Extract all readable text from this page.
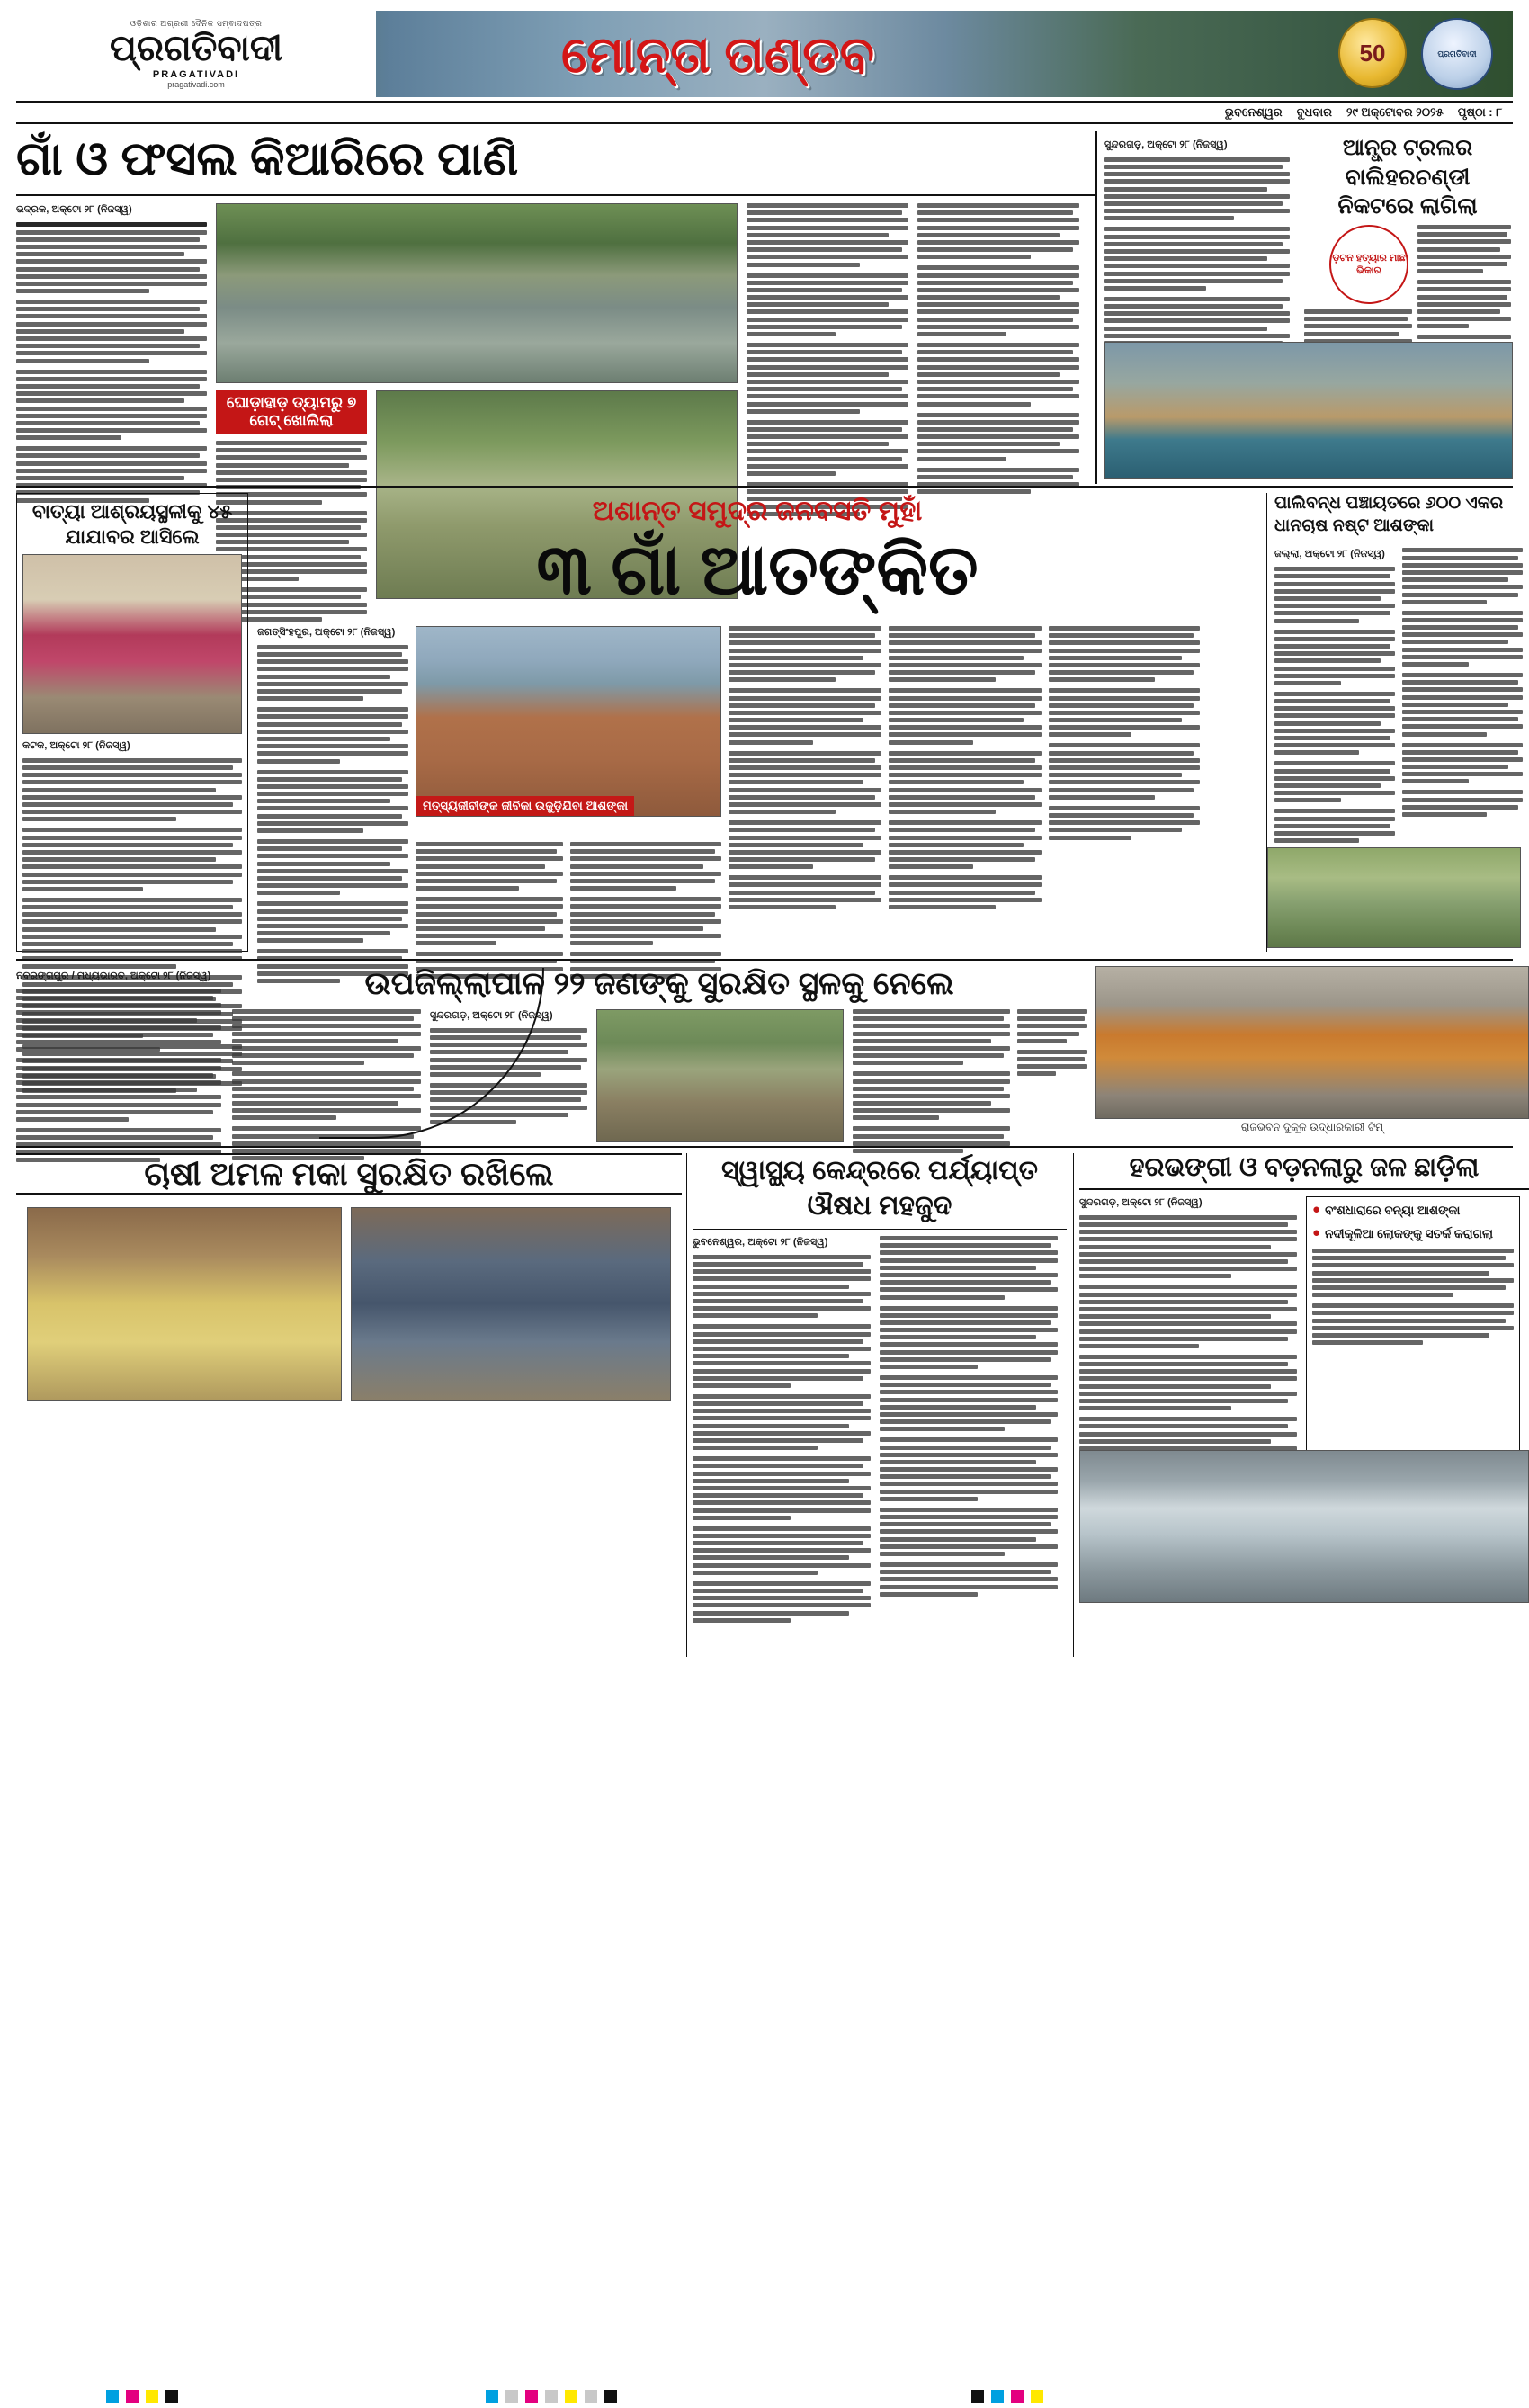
ଓଡ଼ିଶାର ଅଗ୍ରଣୀ ଦୈନିକ ସମ୍ବାଦପତ୍ର
ପ୍ରଗତିବାଦୀ
PRAGATIVADI
pragativadi.com
ମୋନ୍ତା ତାଣ୍ଡବ	50	ପ୍ରଗତିବାଦୀ
ଭୁବନେଶ୍ୱର ବୁଧବାର ୨୯ ଅକ୍ଟୋବର ୨୦୨୫ ପୃଷ୍ଠା : ୮
ଗାଁ ଓ ଫସଲ କିଆରିରେ ପାଣି

ଭଦ୍ରକ, ଅକ୍ଟୋ ୨୮ (ନିଜସ୍ୱ)

ଘୋଡ଼ାହାଡ଼ ଡ୍ୟାମରୁ ୭ ଗେଟ୍ ଖୋଲିଲା

ସୁନ୍ଦରଗଡ଼, ଅକ୍ଟୋ ୨୮ (ନିଜସ୍ୱ)	ଆନ୍ଧ୍ର ଟ୍ରଲର ବାଲିହରଚଣ୍ଡୀ ନିକଟରେ ଲାଗିଲା
ଡ଼ଟନ ହତ୍ୟାର ମାଛ ଭିକାର
ବାତ୍ୟା ଆଶ୍ରୟସ୍ଥଳୀକୁ ୪୫ ଯାଯାବର ଆସିଲେ

କଟକ, ଅକ୍ଟୋ ୨୮ (ନିଜସ୍ୱ)

ଅଶାନ୍ତ ସମୁଦ୍ର ଜନବସତି ମୁହାଁ
୩ ଗାଁ ଆତଙ୍କିତ

ଜଗତ୍‌ସିଂହପୁର, ଅକ୍ଟୋ ୨୮ (ନିଜସ୍ୱ)

ମତ୍ସ୍ୟଜୀବୀଙ୍କ ଜୀବିକା ଉଜୁଡ଼ିଯିବା ଆଶଙ୍କା
ପାଲିବନ୍ଧ ପଞ୍ଚାୟତରେ ୬୦୦ ଏକର ଧାନଚାଷ ନଷ୍ଟ ଆଶଙ୍କା

ଜଲ୍ଲା, ଅକ୍ଟୋ ୨୮ (ନିଜସ୍ୱ)

ନବରଙ୍ଗପୁର / ମଧ୍ୟଭାରତ, ଅକ୍ଟୋ ୨୮ (ନିଜସ୍ୱ)	ଉପଜିଲ୍ଲାପାଳ ୨୨ ଜଣଙ୍କୁ ସୁରକ୍ଷିତ ସ୍ଥଳକୁ ନେଲେ

ସୁନ୍ଦରଗଡ଼, ଅକ୍ଟୋ ୨୮ (ନିଜସ୍ୱ)

ରାଜଭବନ ଦୁକୂଳ ଉଦ୍ଧାରକାରୀ ଟିମ୍
ଚାଷୀ ଅମଳ ମକା ସୁରକ୍ଷିତ ରଖିଲେ	ସ୍ୱାସ୍ଥ୍ୟ କେନ୍ଦ୍ରରେ ପର୍ଯ୍ୟାପ୍ତ ଔଷଧ ମହଜୁଦ

ଭୁବନେଶ୍ୱର, ଅକ୍ଟୋ ୨୮ (ନିଜସ୍ୱ)

ହରଭଙ୍ଗୀ ଓ ବଡ଼ନଲାରୁ ଜଳ ଛାଡ଼ିଲା

ସୁନ୍ଦରଗଡ଼, ଅକ୍ଟୋ ୨୮ (ନିଜସ୍ୱ)	● ବଂଶଧାରାରେ ବନ୍ୟା ଆଶଙ୍କା
● ନଦୀକୂଳିଆ ଲୋକଙ୍କୁ ସତର୍କ କରାଗଲା
